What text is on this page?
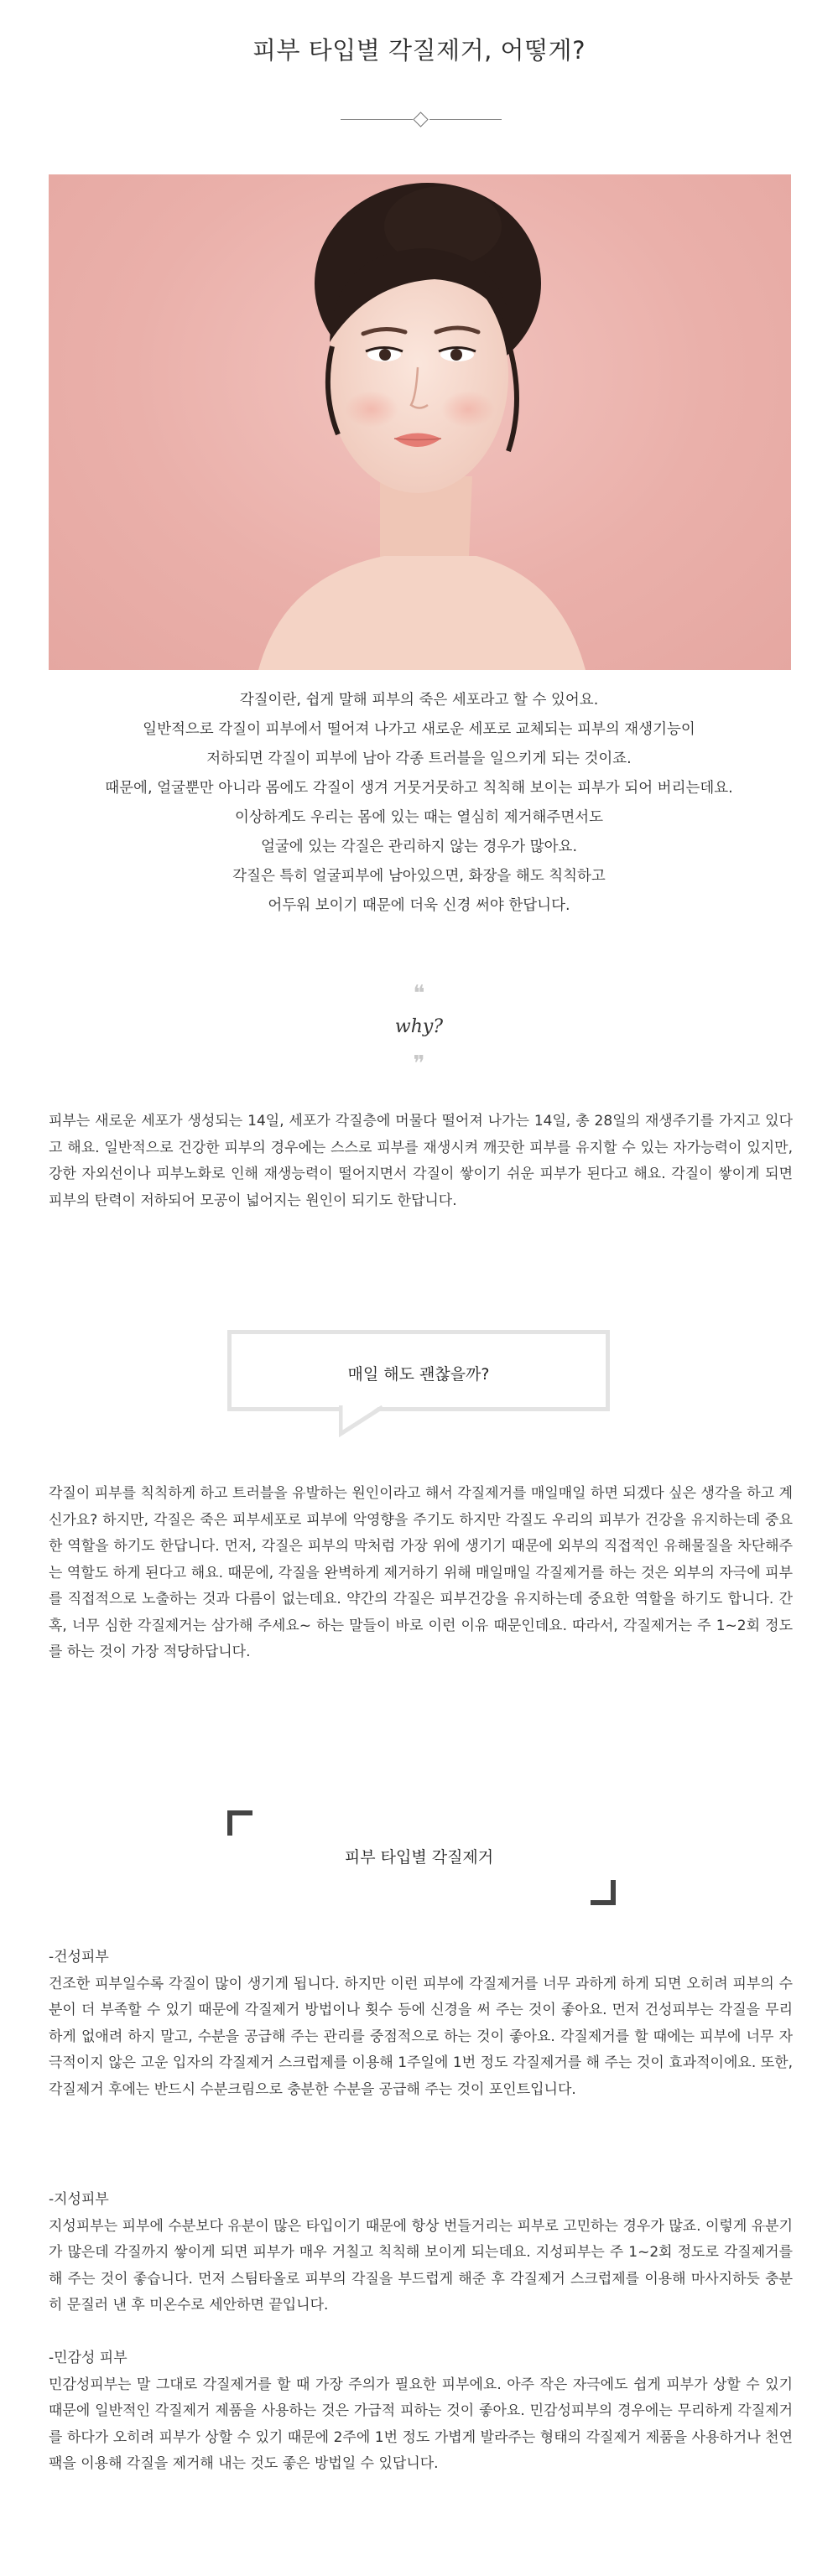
피부 타입별 각질제거, 어떻게?

각질이란, 쉽게 말해 피부의 죽은 세포라고 할 수 있어요.

일반적으로 각질이 피부에서 떨어져 나가고 새로운 세포로 교체되는 피부의 재생기능이

저하되면 각질이 피부에 남아 각종 트러블을 일으키게 되는 것이죠.

때문에, 얼굴뿐만 아니라 몸에도 각질이 생겨 거뭇거뭇하고 칙칙해 보이는 피부가 되어 버리는데요.

이상하게도 우리는 몸에 있는 때는 열심히 제거해주면서도

얼굴에 있는 각질은 관리하지 않는 경우가 많아요.

각질은 특히 얼굴피부에 남아있으면, 화장을 해도 칙칙하고

어두워 보이기 때문에 더욱 신경 써야 한답니다.

❝
why?
❞

피부는 새로운 세포가 생성되는 14일, 세포가 각질층에 머물다 떨어져 나가는 14일, 총 28일의 재생주기를 가지고 있다고 해요. 일반적으로 건강한 피부의 경우에는 스스로 피부를 재생시켜 깨끗한 피부를 유지할 수 있는 자가능력이 있지만, 강한 자외선이나 피부노화로 인해 재생능력이 떨어지면서 각질이 쌓이기 쉬운 피부가 된다고 해요. 각질이 쌓이게 되면 피부의 탄력이 저하되어 모공이 넓어지는 원인이 되기도 한답니다.

매일 해도 괜찮을까?

각질이 피부를 칙칙하게 하고 트러블을 유발하는 원인이라고 해서 각질제거를 매일매일 하면 되겠다 싶은 생각을 하고 계신가요? 하지만, 각질은 죽은 피부세포로 피부에 악영향을 주기도 하지만 각질도 우리의 피부가 건강을 유지하는데 중요한 역할을 하기도 한답니다. 먼저, 각질은 피부의 막처럼 가장 위에 생기기 때문에 외부의 직접적인 유해물질을 차단해주는 역할도 하게 된다고 해요. 때문에, 각질을 완벽하게 제거하기 위해 매일매일 각질제거를 하는 것은 외부의 자극에 피부를 직접적으로 노출하는 것과 다름이 없는데요. 약간의 각질은 피부건강을 유지하는데 중요한 역할을 하기도 합니다. 간혹, 너무 심한 각질제거는 삼가해 주세요~ 하는 말들이 바로 이런 이유 때문인데요. 따라서, 각질제거는 주 1~2회 정도를 하는 것이 가장 적당하답니다.

피부 타입별 각질제거

-건성피부

건조한 피부일수록 각질이 많이 생기게 됩니다. 하지만 이런 피부에 각질제거를 너무 과하게 하게 되면 오히려 피부의 수분이 더 부족할 수 있기 때문에 각질제거 방법이나 횟수 등에 신경을 써 주는 것이 좋아요. 먼저 건성피부는 각질을 무리하게 없애려 하지 말고, 수분을 공급해 주는 관리를 중점적으로 하는 것이 좋아요. 각질제거를 할 때에는 피부에 너무 자극적이지 않은 고운 입자의 각질제거 스크럽제를 이용해 1주일에 1번 정도 각질제거를 해 주는 것이 효과적이에요. 또한, 각질제거 후에는 반드시 수분크림으로 충분한 수분을 공급해 주는 것이 포인트입니다.

-지성피부

지성피부는 피부에 수분보다 유분이 많은 타입이기 때문에 항상 번들거리는 피부로 고민하는 경우가 많죠. 이렇게 유분기가 많은데 각질까지 쌓이게 되면 피부가 매우 거칠고 칙칙해 보이게 되는데요. 지성피부는 주 1~2회 정도로 각질제거를 해 주는 것이 좋습니다. 먼저 스팀타올로 피부의 각질을 부드럽게 해준 후 각질제거 스크럽제를 이용해 마사지하듯 충분히 문질러 낸 후 미온수로 세안하면 끝입니다.

-민감성 피부

민감성피부는 말 그대로 각질제거를 할 때 가장 주의가 필요한 피부에요. 아주 작은 자극에도 쉽게 피부가 상할 수 있기 때문에 일반적인 각질제거 제품을 사용하는 것은 가급적 피하는 것이 좋아요. 민감성피부의 경우에는 무리하게 각질제거를 하다가 오히려 피부가 상할 수 있기 때문에 2주에 1번 정도 가볍게 발라주는 형태의 각질제거 제품을 사용하거나 천연팩을 이용해 각질을 제거해 내는 것도 좋은 방법일 수 있답니다.
